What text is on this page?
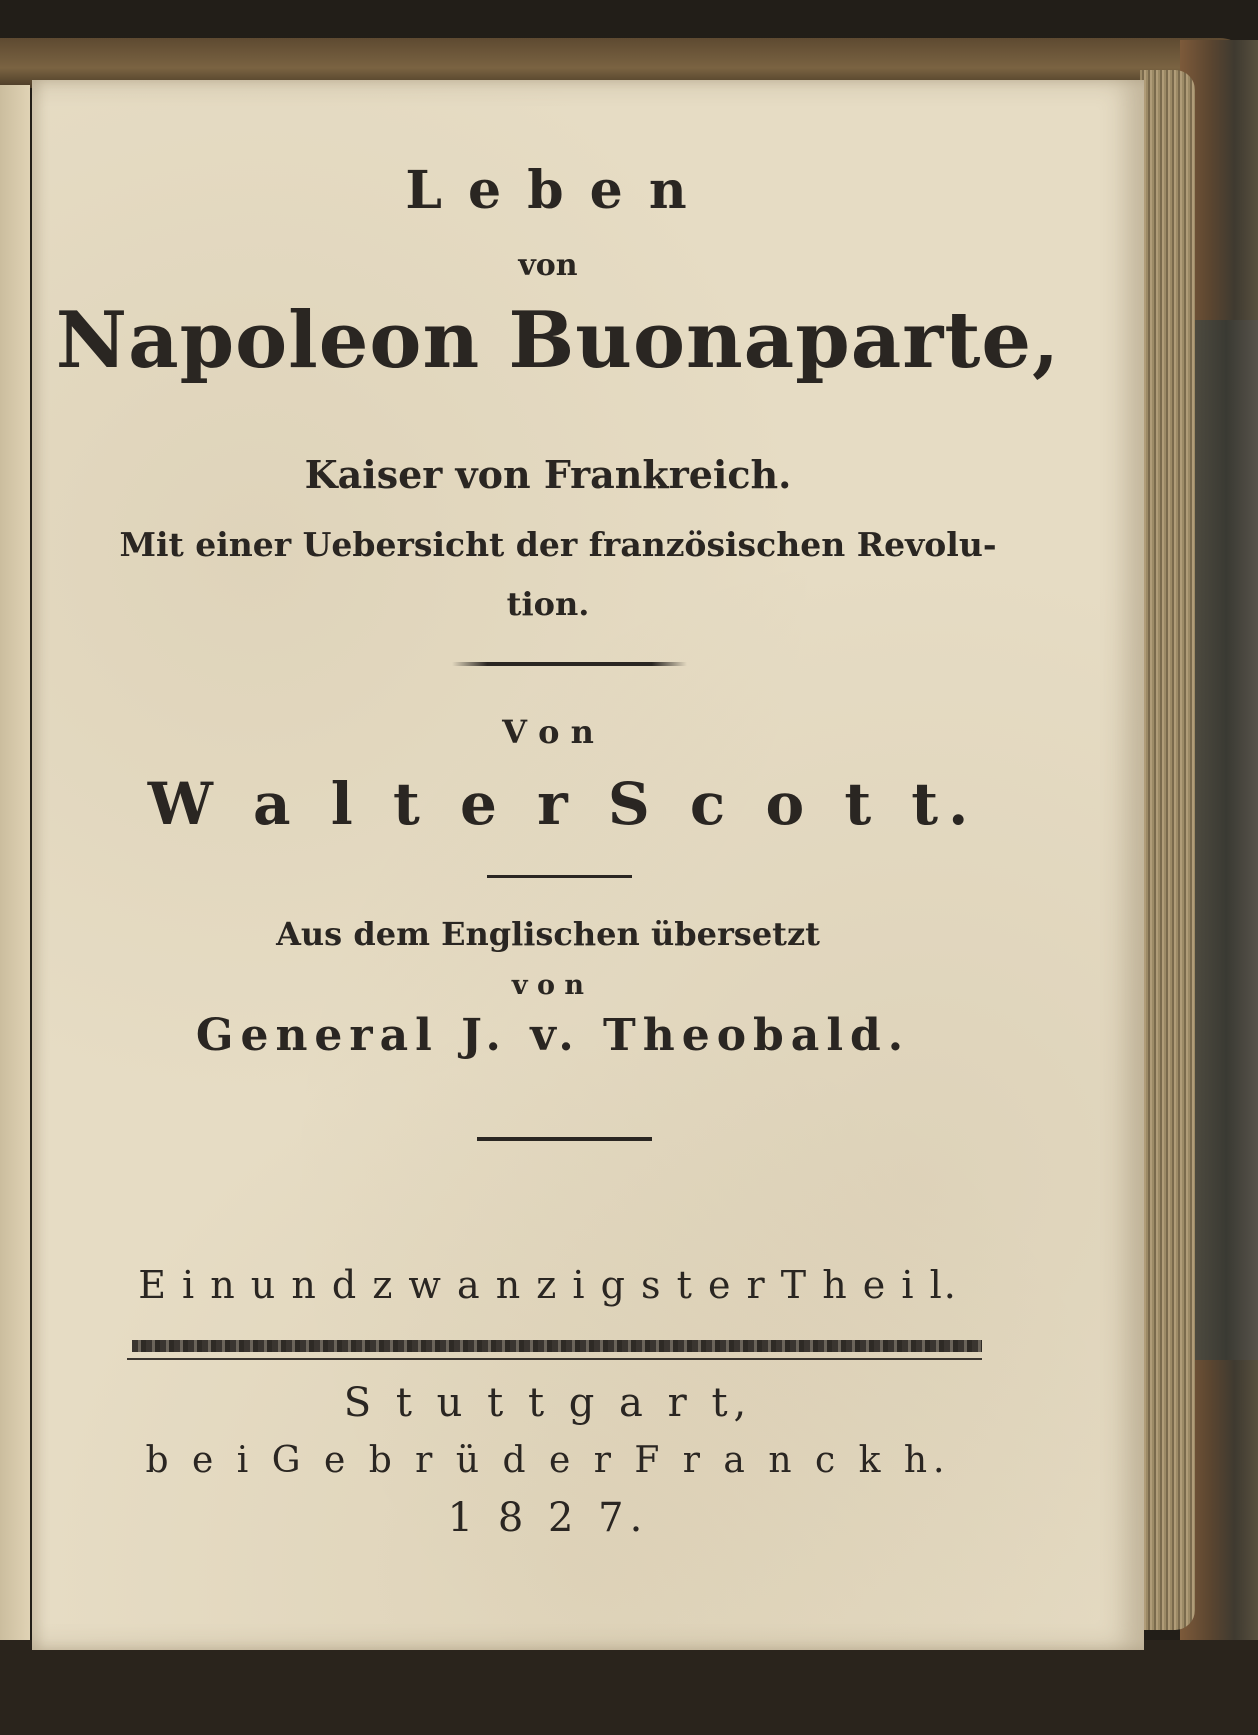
L e b e n
von
Napoleon Buonaparte,
Kaiser von Frankreich.
Mit einer Uebersicht der französischen Revolu-
tion.
V o n
W a l t e r S c o t t.
Aus dem Englischen übersetzt
v o n
General J. v. Theobald.
E i n u n d z w a n z i g s t e r T h e i l.
S t u t t g a r t,
b e i G e b r ü d e r F r a n c k h.
1 8 2 7.
